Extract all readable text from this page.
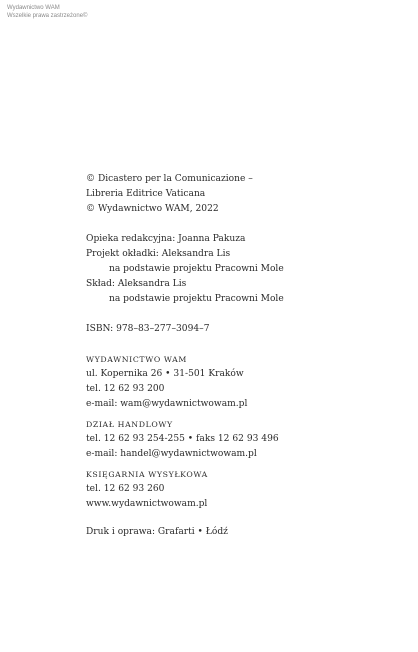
Wydawnictwo WAM
Wszelkie prawa zastrzeżone©
© Dicastero per la Comunicazione –
Libreria Editrice Vaticana
© Wydawnictwo WAM, 2022
Opieka redakcyjna: Joanna Pakuza
Projekt okładki: Aleksandra Lis
na podstawie projektu Pracowni Mole
Skład: Aleksandra Lis
na podstawie projektu Pracowni Mole
ISBN: 978–83–277–3094–7
WYDAWNICTWO WAM
ul. Kopernika 26 • 31-501 Kraków
tel. 12 62 93 200
e-mail: wam@wydawnictwowam.pl
DZIAŁ HANDLOWY
tel. 12 62 93 254-255 • faks 12 62 93 496
e-mail: handel@wydawnictwowam.pl
KSIĘGARNIA WYSYŁKOWA
tel. 12 62 93 260
www.wydawnictwowam.pl
Druk i oprawa: Grafarti • Łódź
